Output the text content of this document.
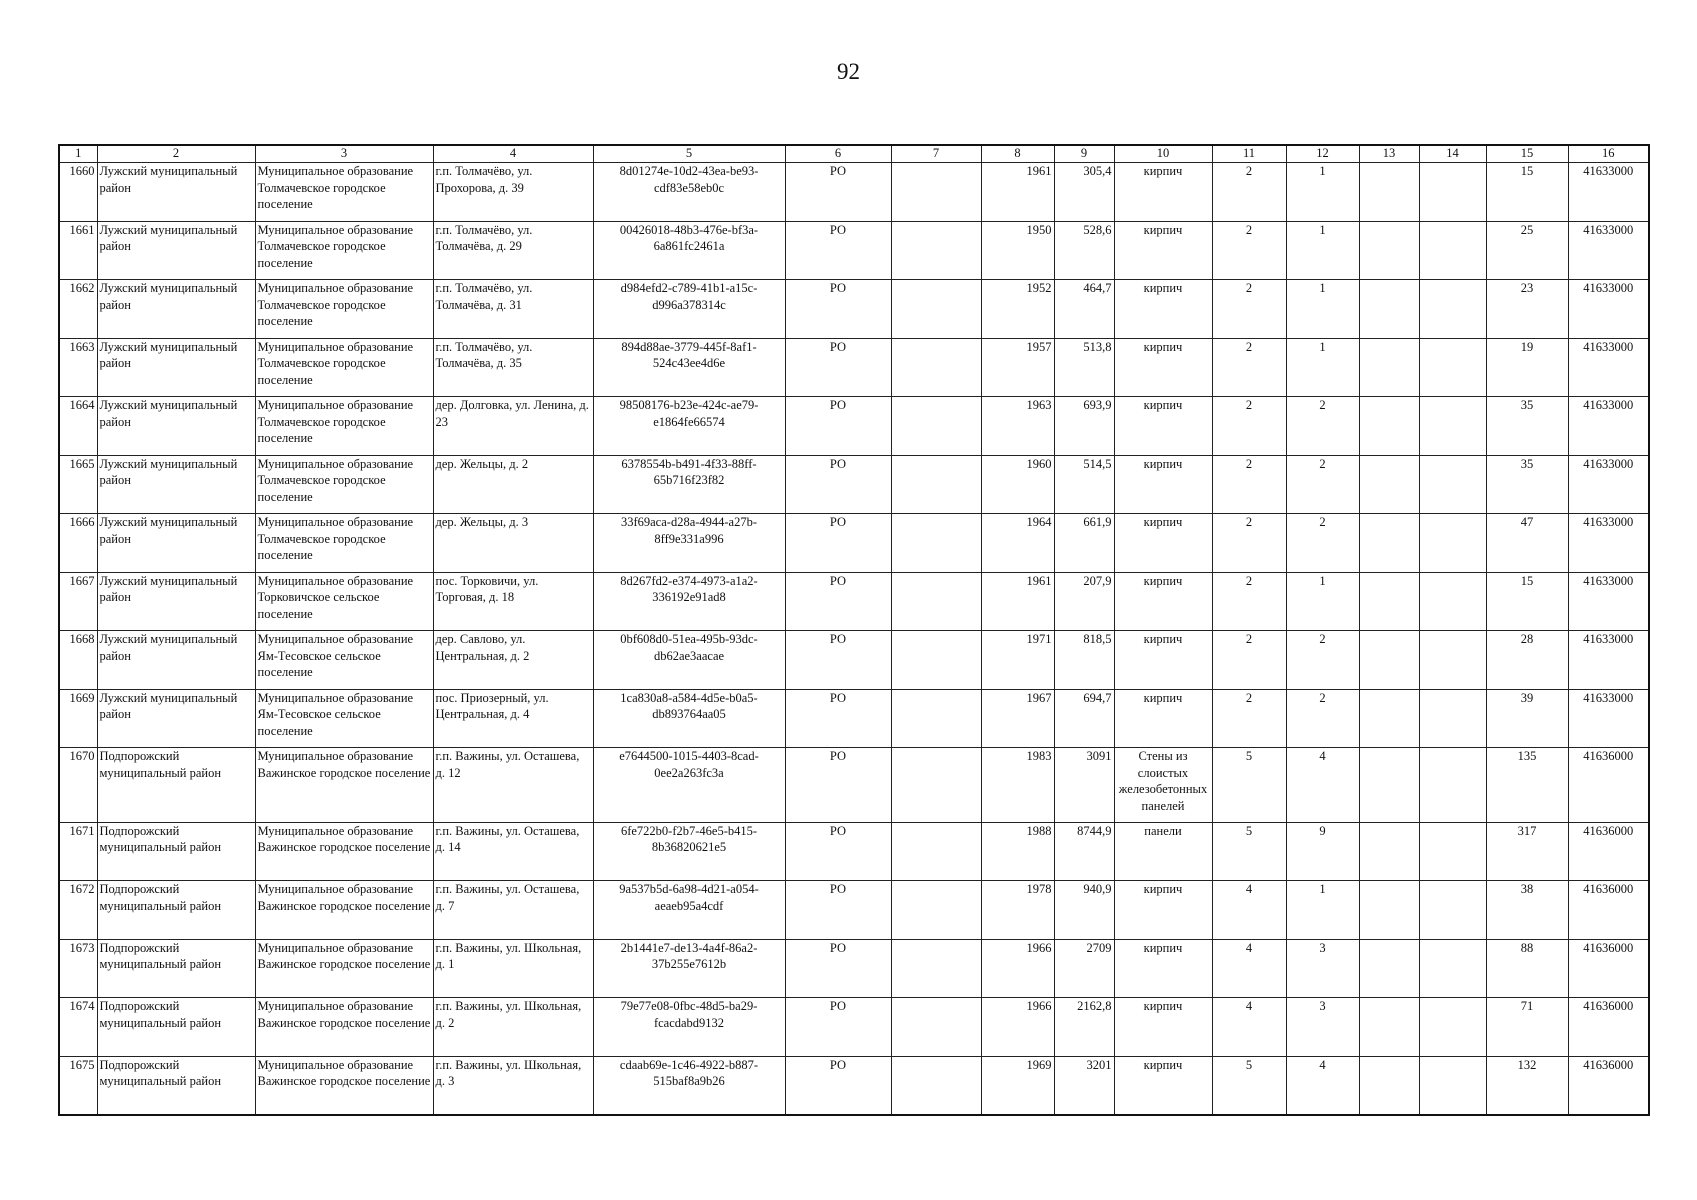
92
1	2	3	4	5	6	7	8	9	10	11	12	13	14	15	16
1660	Лужский муниципальный район	Муниципальное образование Толмачевское городское поселение	г.п. Толмачёво, ул. Прохорова, д. 39	8d01274e-10d2-43ea-be93-cdf83e58eb0c	РО		1961	305,4	кирпич	2	1			15	41633000
1661	Лужский муниципальный район	Муниципальное образование Толмачевское городское поселение	г.п. Толмачёво, ул. Толмачёва, д. 29	00426018-48b3-476e-bf3a-6a861fc2461a	РО		1950	528,6	кирпич	2	1			25	41633000
1662	Лужский муниципальный район	Муниципальное образование Толмачевское городское поселение	г.п. Толмачёво, ул. Толмачёва, д. 31	d984efd2-c789-41b1-a15c-d996a378314c	РО		1952	464,7	кирпич	2	1			23	41633000
1663	Лужский муниципальный район	Муниципальное образование Толмачевское городское поселение	г.п. Толмачёво, ул. Толмачёва, д. 35	894d88ae-3779-445f-8af1-524c43ee4d6e	РО		1957	513,8	кирпич	2	1			19	41633000
1664	Лужский муниципальный район	Муниципальное образование Толмачевское городское поселение	дер. Долговка, ул. Ленина, д. 23	98508176-b23e-424c-ae79-e1864fe66574	РО		1963	693,9	кирпич	2	2			35	41633000
1665	Лужский муниципальный район	Муниципальное образование Толмачевское городское поселение	дер. Жельцы, д. 2	6378554b-b491-4f33-88ff-65b716f23f82	РО		1960	514,5	кирпич	2	2			35	41633000
1666	Лужский муниципальный район	Муниципальное образование Толмачевское городское поселение	дер. Жельцы, д. 3	33f69aca-d28a-4944-a27b-8ff9e331a996	РО		1964	661,9	кирпич	2	2			47	41633000
1667	Лужский муниципальный район	Муниципальное образование Торковичское сельское поселение	пос. Торковичи, ул. Торговая, д. 18	8d267fd2-e374-4973-a1a2-336192e91ad8	РО		1961	207,9	кирпич	2	1			15	41633000
1668	Лужский муниципальный район	Муниципальное образование Ям-Тесовское сельское поселение	дер. Савлово, ул. Центральная, д. 2	0bf608d0-51ea-495b-93dc-db62ae3aacae	РО		1971	818,5	кирпич	2	2			28	41633000
1669	Лужский муниципальный район	Муниципальное образование Ям-Тесовское сельское поселение	пос. Приозерный, ул. Центральная, д. 4	1ca830a8-a584-4d5e-b0a5-db893764aa05	РО		1967	694,7	кирпич	2	2			39	41633000
1670	Подпорожский муниципальный район	Муниципальное образование Важинское городское поселение	г.п. Важины, ул. Осташева, д. 12	e7644500-1015-4403-8cad-0ee2a263fc3a	РО		1983	3091	Стены из слоистых железобетонных панелей	5	4			135	41636000
1671	Подпорожский муниципальный район	Муниципальное образование Важинское городское поселение	г.п. Важины, ул. Осташева, д. 14	6fe722b0-f2b7-46e5-b415-8b36820621e5	РО		1988	8744,9	панели	5	9			317	41636000
1672	Подпорожский муниципальный район	Муниципальное образование Важинское городское поселение	г.п. Важины, ул. Осташева, д. 7	9a537b5d-6a98-4d21-a054-aeaeb95a4cdf	РО		1978	940,9	кирпич	4	1			38	41636000
1673	Подпорожский муниципальный район	Муниципальное образование Важинское городское поселение	г.п. Важины, ул. Школьная, д. 1	2b1441e7-de13-4a4f-86a2-37b255e7612b	РО		1966	2709	кирпич	4	3			88	41636000
1674	Подпорожский муниципальный район	Муниципальное образование Важинское городское поселение	г.п. Важины, ул. Школьная, д. 2	79e77e08-0fbc-48d5-ba29-fcacdabd9132	РО		1966	2162,8	кирпич	4	3			71	41636000
1675	Подпорожский муниципальный район	Муниципальное образование Важинское городское поселение	г.п. Важины, ул. Школьная, д. 3	cdaab69e-1c46-4922-b887-515baf8a9b26	РО		1969	3201	кирпич	5	4			132	41636000
